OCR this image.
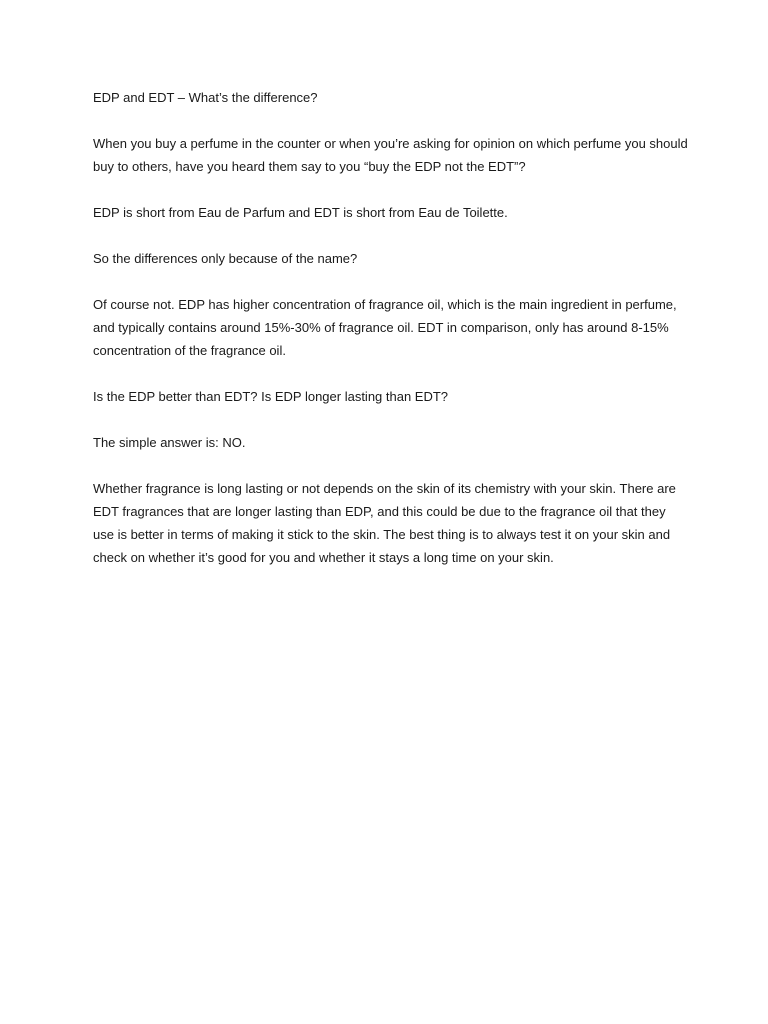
EDP and EDT – What’s the difference?

When you buy a perfume in the counter or when you’re asking for opinion on which perfume you should buy to others, have you heard them say to you “buy the EDP not the EDT”?

EDP is short from Eau de Parfum and EDT is short from Eau de Toilette.

So the differences only because of the name?

Of course not. EDP has higher concentration of fragrance oil, which is the main ingredient in perfume, and typically contains around 15%-30% of fragrance oil. EDT in comparison, only has around 8-15% concentration of the fragrance oil.

Is the EDP better than EDT? Is EDP longer lasting than EDT?

The simple answer is: NO.

Whether fragrance is long lasting or not depends on the skin of its chemistry with your skin. There are EDT fragrances that are longer lasting than EDP, and this could be due to the fragrance oil that they use is better in terms of making it stick to the skin. The best thing is to always test it on your skin and check on whether it’s good for you and whether it stays a long time on your skin.
